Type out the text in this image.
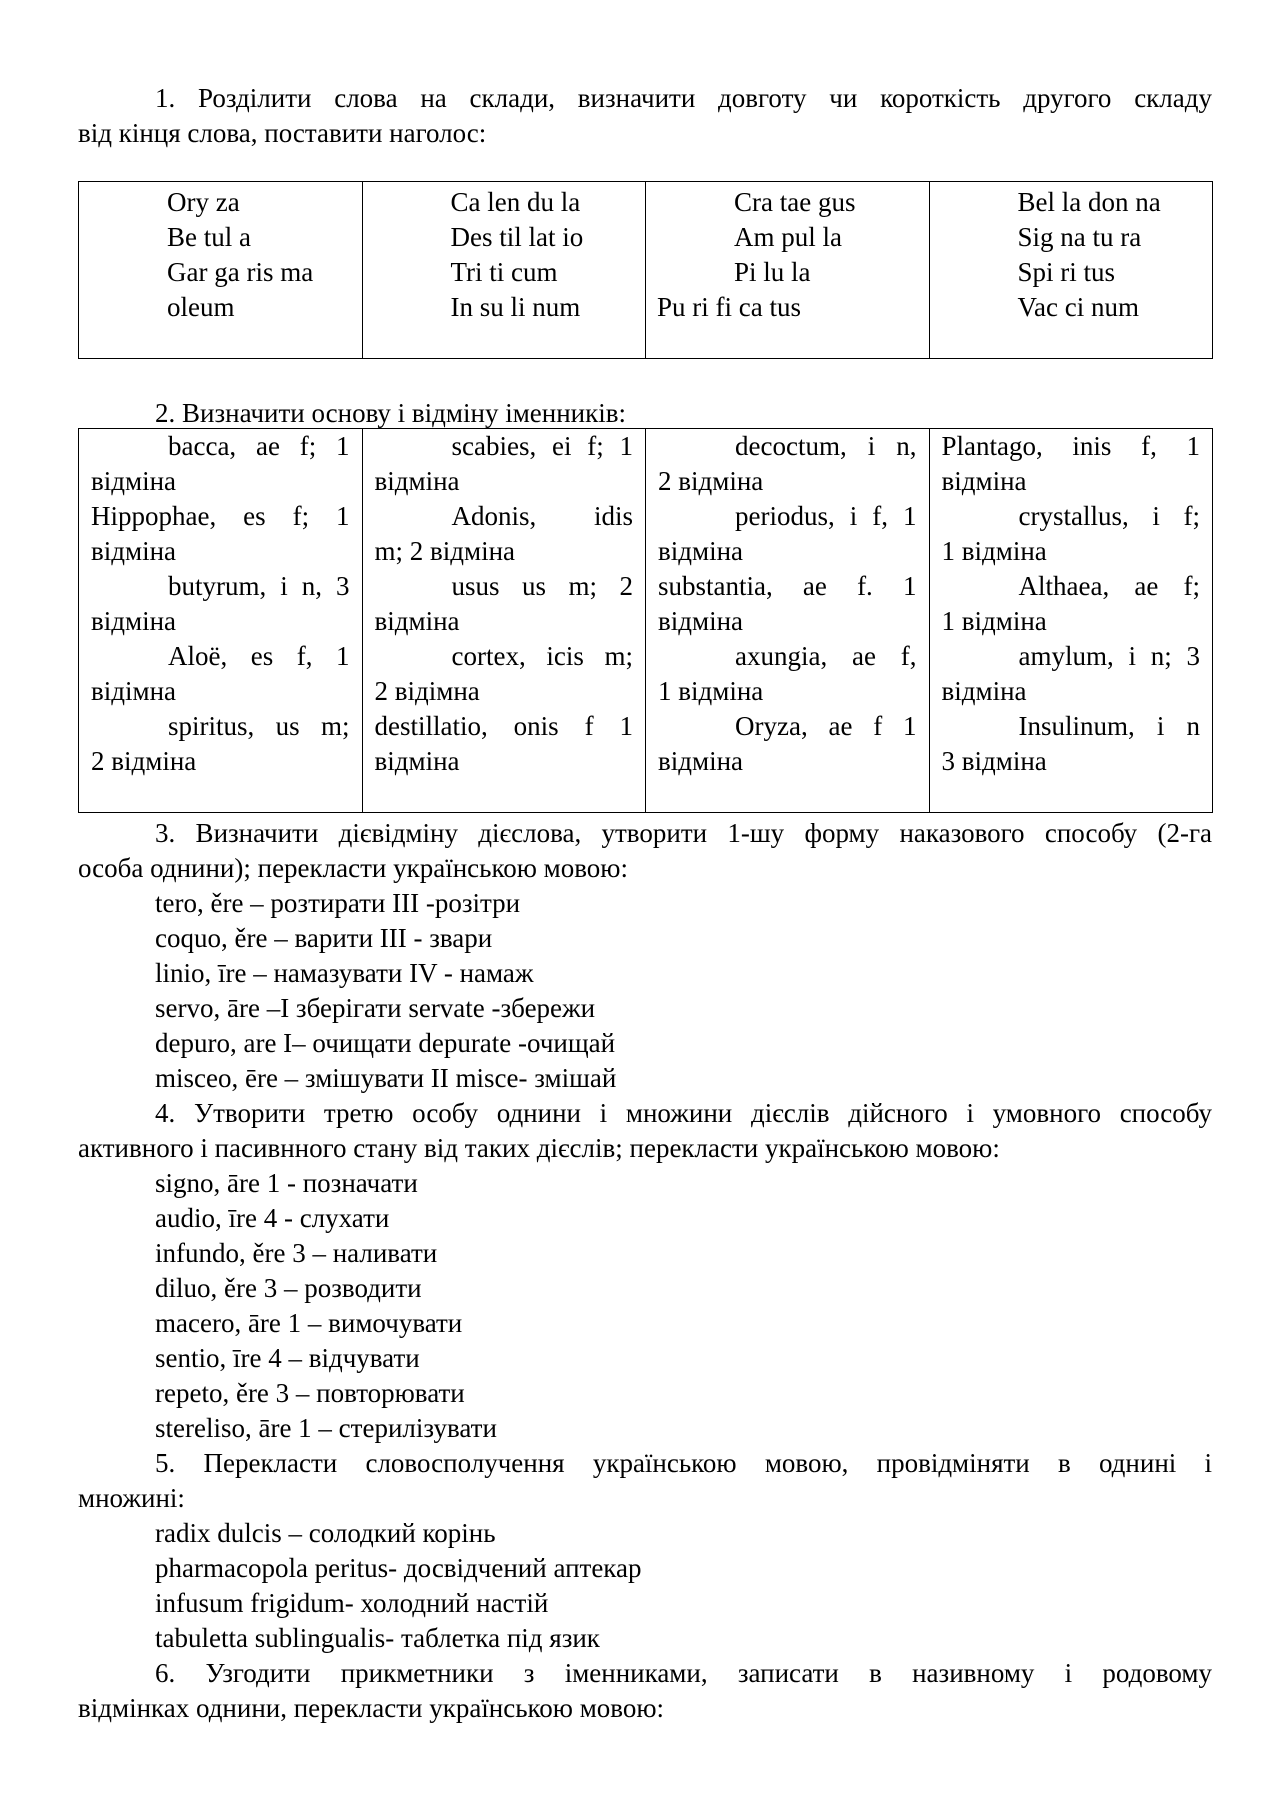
1. Розділити слова на склади, визначити довготу чи короткість другого складу
від кінця слова, поставити наголос:

Ory za
Be tul a
Gar ga ris ma
oleum

Ca len du la
Des til lat io
Tri ti cum
In su li num

Cra tae gus
Am pul la
Pi lu la
Pu ri fi ca tus

Bel la don na
Sig na tu ra
Spi ri tus
Vac ci num

2. Визначити основу і відміну іменників:

bacca, ae f; 1
відміна
Hippophae, es f; 1
відміна
butyrum, i n, 3
відміна
Aloë, es f, 1
відімна
spiritus, us m;
2 відміна

scabies, ei f; 1
відміна
Adonis, idis
m; 2 відміна
usus us m; 2
відміна
cortex, icis m;
2 відімна
destillatio, onis f 1
відміна

decoctum, i n,
2 відміна
periodus, i f, 1
відміна
substantia, ae f. 1
відміна
axungia, ae f,
1 відміна
Oryza, ae f 1
відміна

Plantago, inis f, 1
відміна
crystallus, i f;
1 відміна
Althaea, ae f;
1 відміна
amylum, i n; 3
відміна
Insulinum, i n
3 відміна

3. Визначити дієвідміну дієслова, утворити 1-шу форму наказового способу (2-га
особа однини); перекласти українською мовою:

tero, ěre – розтирати III -розітри

coquo, ěre – варити III - звари

linio, īre – намазувати IV - намаж

servo, āre –I зберігати servate -збережи

depuro, are I– очищати depurate -очищай

misceo, ēre – змішувати II misce- змішай

4. Утворити третю особу однини і множини дієслів дійсного і умовного способу
активного і пасивнного стану від таких дієслів; перекласти українською мовою:

signo, āre 1 - позначати

audio, īre 4 - слухати

infundo, ěre 3 – наливати

diluo, ěre 3 – розводити

macero, āre 1 – вимочувати

sentio, īre 4 – відчувати

repeto, ěre 3 – повторювати

stereliso, āre 1 – стерилізувати

5. Перекласти словосполучення українською мовою, провідміняти в однині і
множині:

radix dulcis – солодкий корінь

pharmacopola peritus- досвідчений аптекар

infusum frigidum- холодний настій

tabuletta sublingualis- таблетка під язик

6. Узгодити прикметники з іменниками, записати в називному і родовому
відмінках однини, перекласти українською мовою:
